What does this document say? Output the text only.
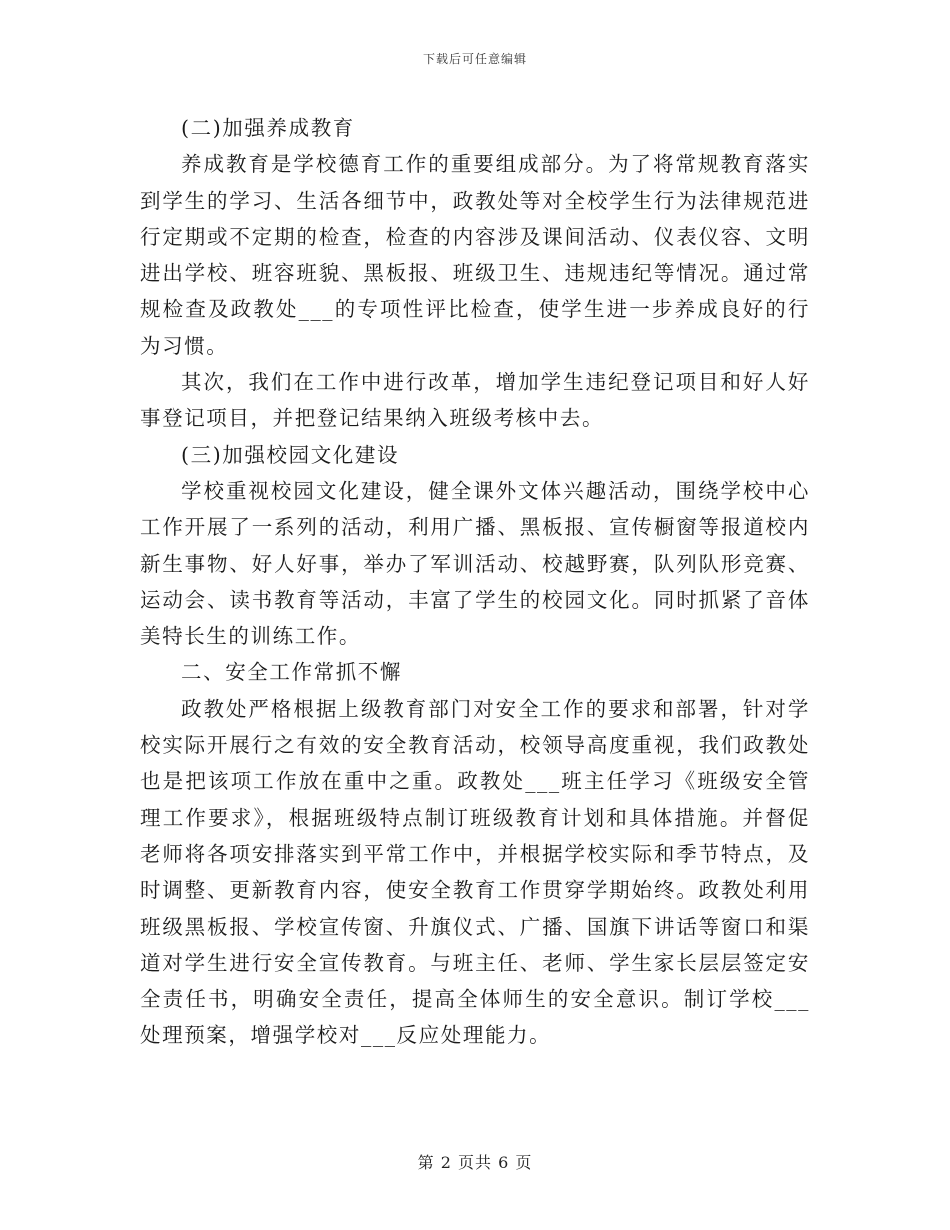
下载后可任意编辑

(二)加强养成教育

养成教育是学校德育工作的重要组成部分。为了将常规教育落实到学生的学习、生活各细节中，政教处等对全校学生行为法律规范进行定期或不定期的检查，检查的内容涉及课间活动、仪表仪容、文明进出学校、班容班貌、黑板报、班级卫生、违规违纪等情况。通过常规检查及政教处___的专项性评比检查，使学生进一步养成良好的行为习惯。

其次，我们在工作中进行改革，增加学生违纪登记项目和好人好事登记项目，并把登记结果纳入班级考核中去。

(三)加强校园文化建设

学校重视校园文化建设，健全课外文体兴趣活动，围绕学校中心工作开展了一系列的活动，利用广播、黑板报、宣传橱窗等报道校内新生事物、好人好事，举办了军训活动、校越野赛，队列队形竞赛、运动会、读书教育等活动，丰富了学生的校园文化。同时抓紧了音体美特长生的训练工作。

二、安全工作常抓不懈

政教处严格根据上级教育部门对安全工作的要求和部署，针对学校实际开展行之有效的安全教育活动，校领导高度重视，我们政教处也是把该项工作放在重中之重。政教处___班主任学习《班级安全管理工作要求》，根据班级特点制订班级教育计划和具体措施。并督促老师将各项安排落实到平常工作中，并根据学校实际和季节特点，及时调整、更新教育内容，使安全教育工作贯穿学期始终。政教处利用班级黑板报、学校宣传窗、升旗仪式、广播、国旗下讲话等窗口和渠道对学生进行安全宣传教育。与班主任、老师、学生家长层层签定安全责任书，明确安全责任，提高全体师生的安全意识。制订学校___处理预案，增强学校对___反应处理能力。

第 2 页共 6 页
